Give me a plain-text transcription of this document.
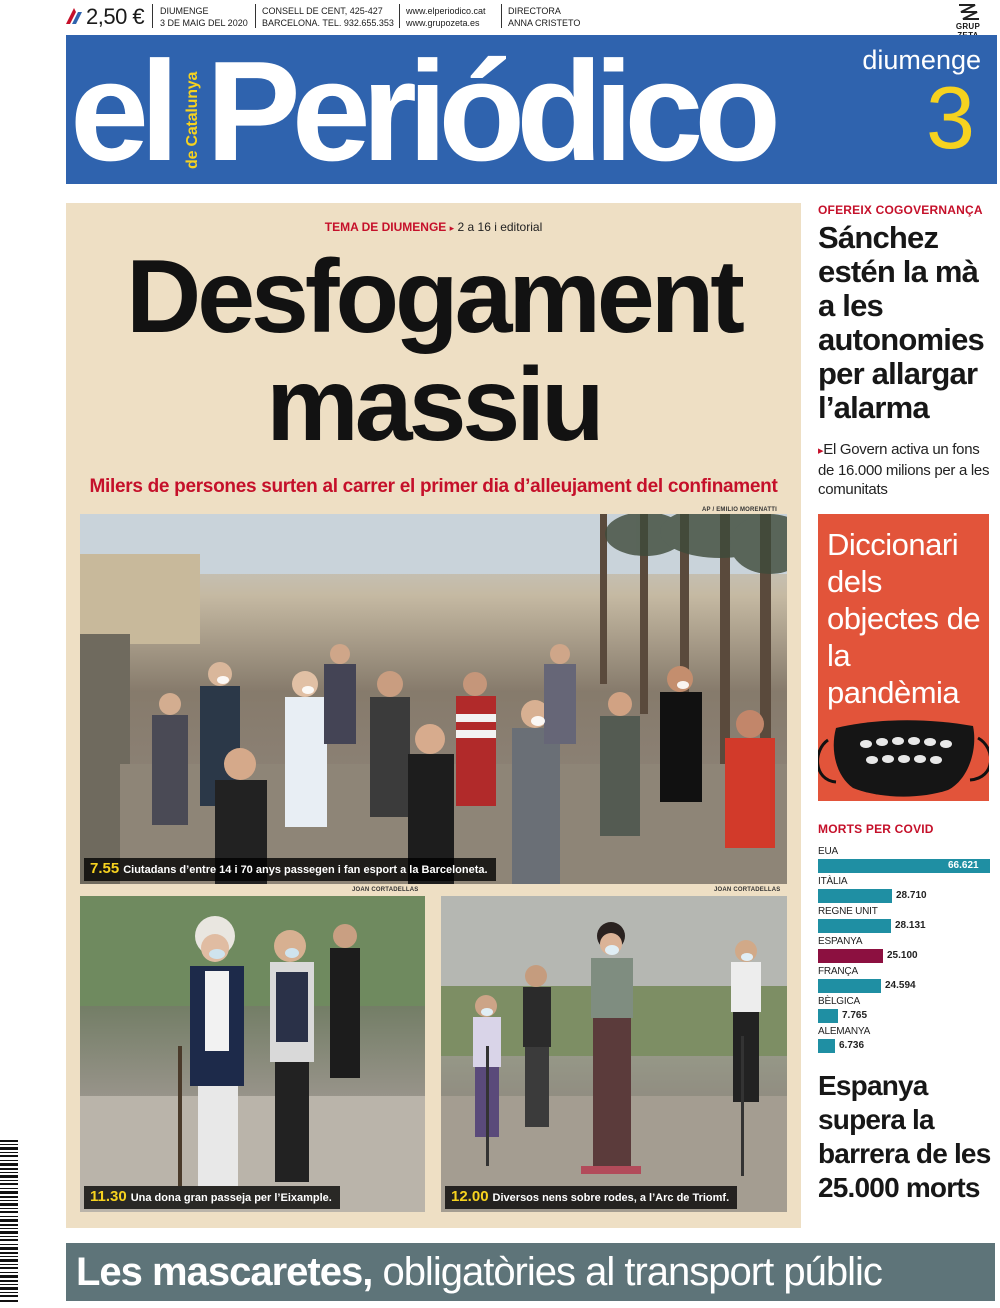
2,50 € DIUMENGE
3 DE MAIG DEL 2020
CONSELL DE CENT, 425-427
BARCELONA. TEL. 932.655.353
www.elperiodico.cat
www.grupozeta.es
DIRECTORA
ANNA CRISTETO	GRUP
el de Catalunya Periódico	diumenge
3
TEMA DE DIUMENGE ▸ 2 a 16 i editorial
Desfogament
massiu
Milers de persones surten al carrer el primer dia d’alleujament del confinament
7.55 Ciutadans d’entre 14 i 70 anys passegen i fan esport a la Barceloneta.
AP / EMILIO MORENATTI
JOAN CORTADELLAS
11.30 Una dona gran passeja per l’Eixample.
JOAN CORTADELLAS
12.00 Diversos nens sobre rodes, a l’Arc de Triomf.
OFEREIX COGOVERNANÇA
Sánchez estén la mà a les autonomies per allargar l’alarma
▸El Govern activa un fons de 16.000 milions per a les comunitats
Diccionari dels objectes de la pandèmia
MORTS PER COVID
EUA
66.621
ITÀLIA
28.710
REGNE UNIT
28.131
ESPANYA
25.100
FRANÇA
24.594
BÈLGICA
7.765
ALEMANYA
6.736
Espanya supera la barrera de les 25.000 morts
Les mascaretes, obligatòries al transport públic
